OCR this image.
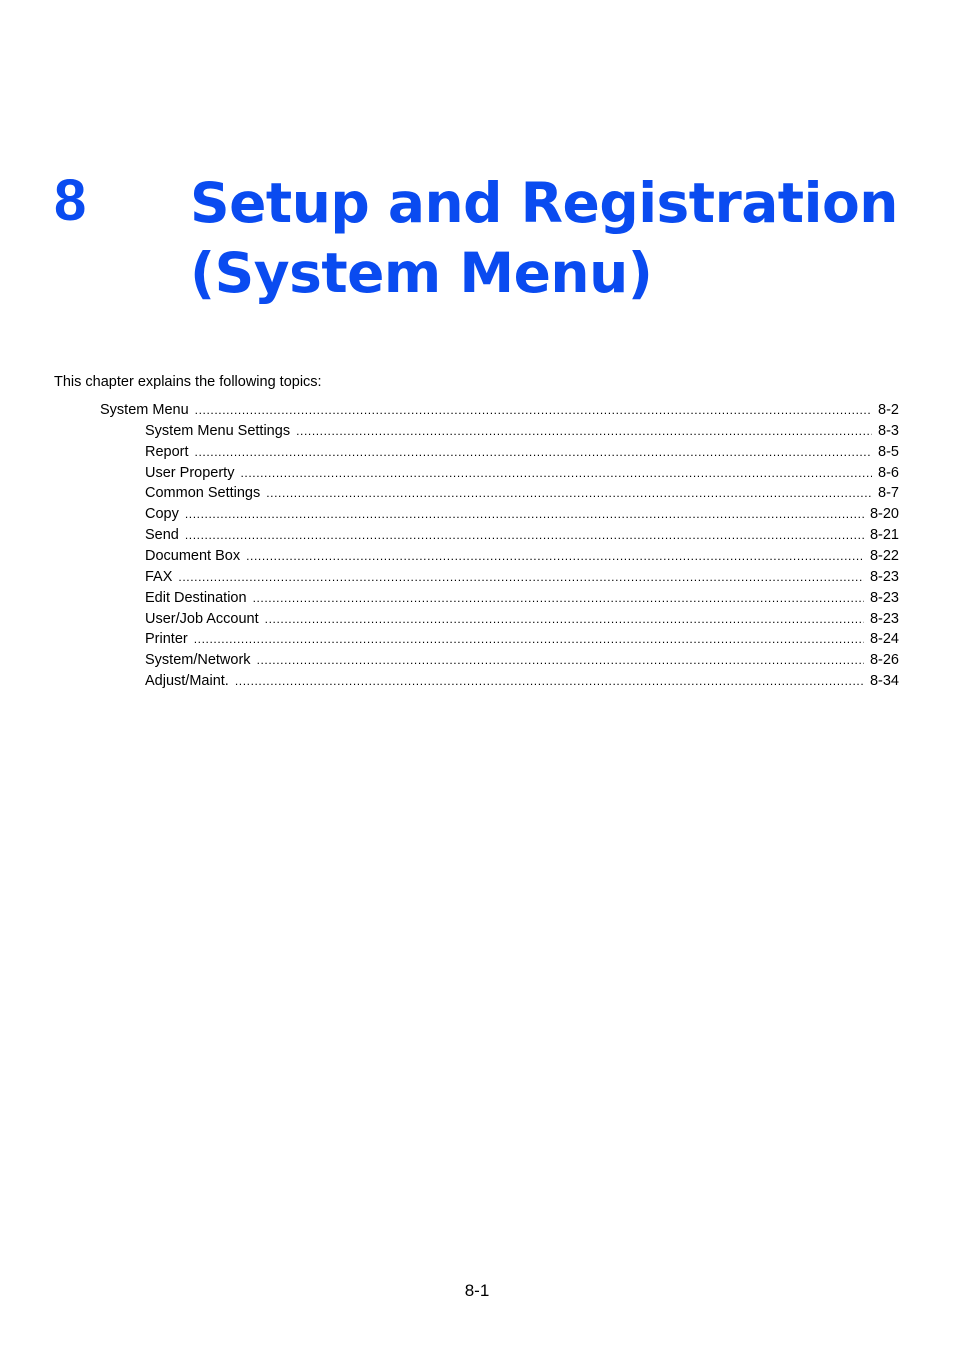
8 Setup and Registration
(System Menu)
This chapter explains the following topics:
System Menu .....	8-2
System Menu Settings .....	8-3
Report .....	8-5
User Property .....	8-6
Common Settings .....	8-7
Copy .....	8-20
Send .....	8-21
Document Box .....	8-22
FAX .....	8-23
Edit Destination .....	8-23
User/Job Account .....	8-23
Printer .....	8-24
System/Network .....	8-26
Adjust/Maint. .....	8-34
8-1
